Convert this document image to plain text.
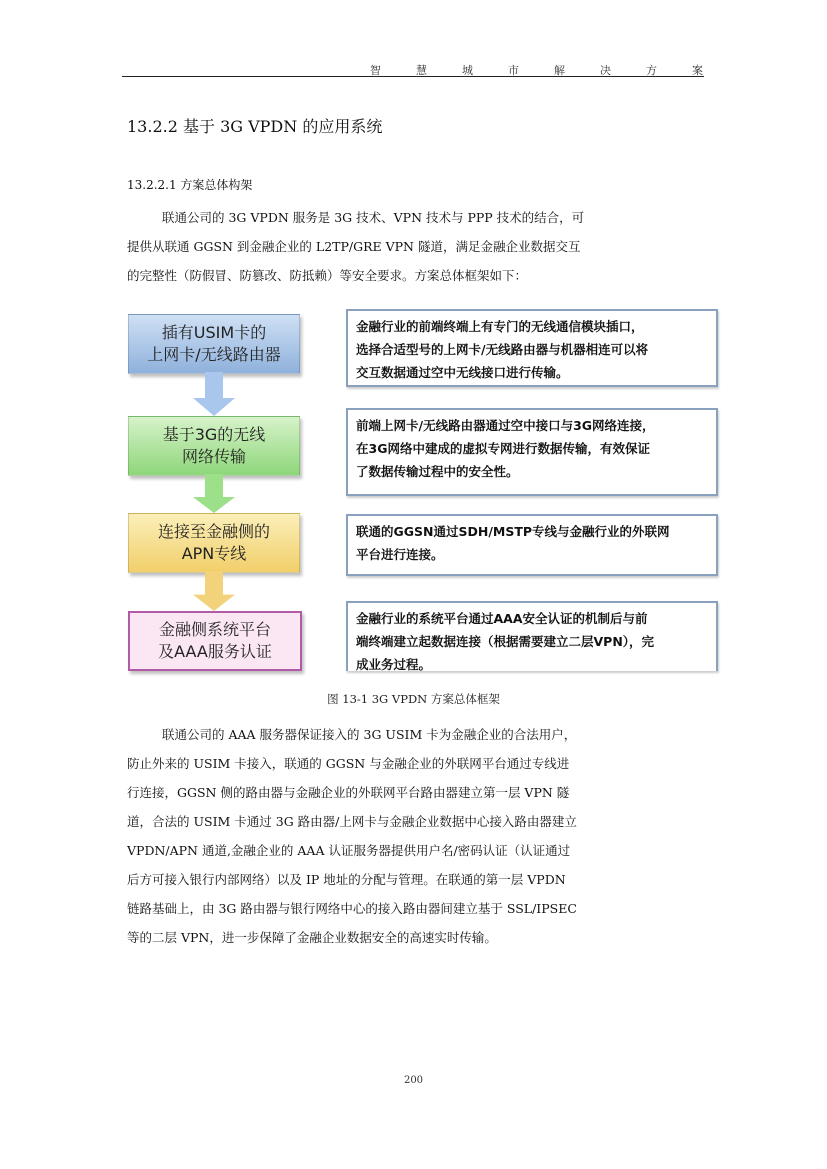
智	慧	城	市	解	决	方	案
13.2.2 基于 3G VPDN 的应用系统
13.2.2.1 方案总体构架
联通公司的 3G VPDN 服务是 3G 技术、VPN 技术与 PPP 技术的结合，可
提供从联通 GGSN 到金融企业的 L2TP/GRE VPN 隧道，满足金融企业数据交互
的完整性（防假冒、防篡改、防抵赖）等安全要求。方案总体框架如下：
插有USIM卡的
上网卡/无线路由器
基于3G的无线
网络传输
连接至金融侧的
APN专线
金融侧系统平台
及AAA服务认证
金融行业的前端终端上有专门的无线通信模块插口，
选择合适型号的上网卡/无线路由器与机器相连可以将
交互数据通过空中无线接口进行传输。
前端上网卡/无线路由器通过空中接口与3G网络连接，
在3G网络中建成的虚拟专网进行数据传输，有效保证
了数据传输过程中的安全性。
联通的GGSN通过SDH/MSTP专线与金融行业的外联网
平台进行连接。
金融行业的系统平台通过AAA安全认证的机制后与前
端终端建立起数据连接（根据需要建立二层VPN），完
成业务过程。
图 13-1 3G VPDN 方案总体框架
联通公司的 AAA 服务器保证接入的 3G USIM 卡为金融企业的合法用户，
防止外来的 USIM 卡接入，联通的 GGSN 与金融企业的外联网平台通过专线进
行连接，GGSN 侧的路由器与金融企业的外联网平台路由器建立第一层 VPN 隧
道，合法的 USIM 卡通过 3G 路由器/上网卡与金融企业数据中心接入路由器建立
VPDN/APN 通道,金融企业的 AAA 认证服务器提供用户名/密码认证（认证通过
后方可接入银行内部网络）以及 IP 地址的分配与管理。在联通的第一层 VPDN
链路基础上，由 3G 路由器与银行网络中心的接入路由器间建立基于 SSL/IPSEC
等的二层 VPN，进一步保障了金融企业数据安全的高速实时传输。
200
